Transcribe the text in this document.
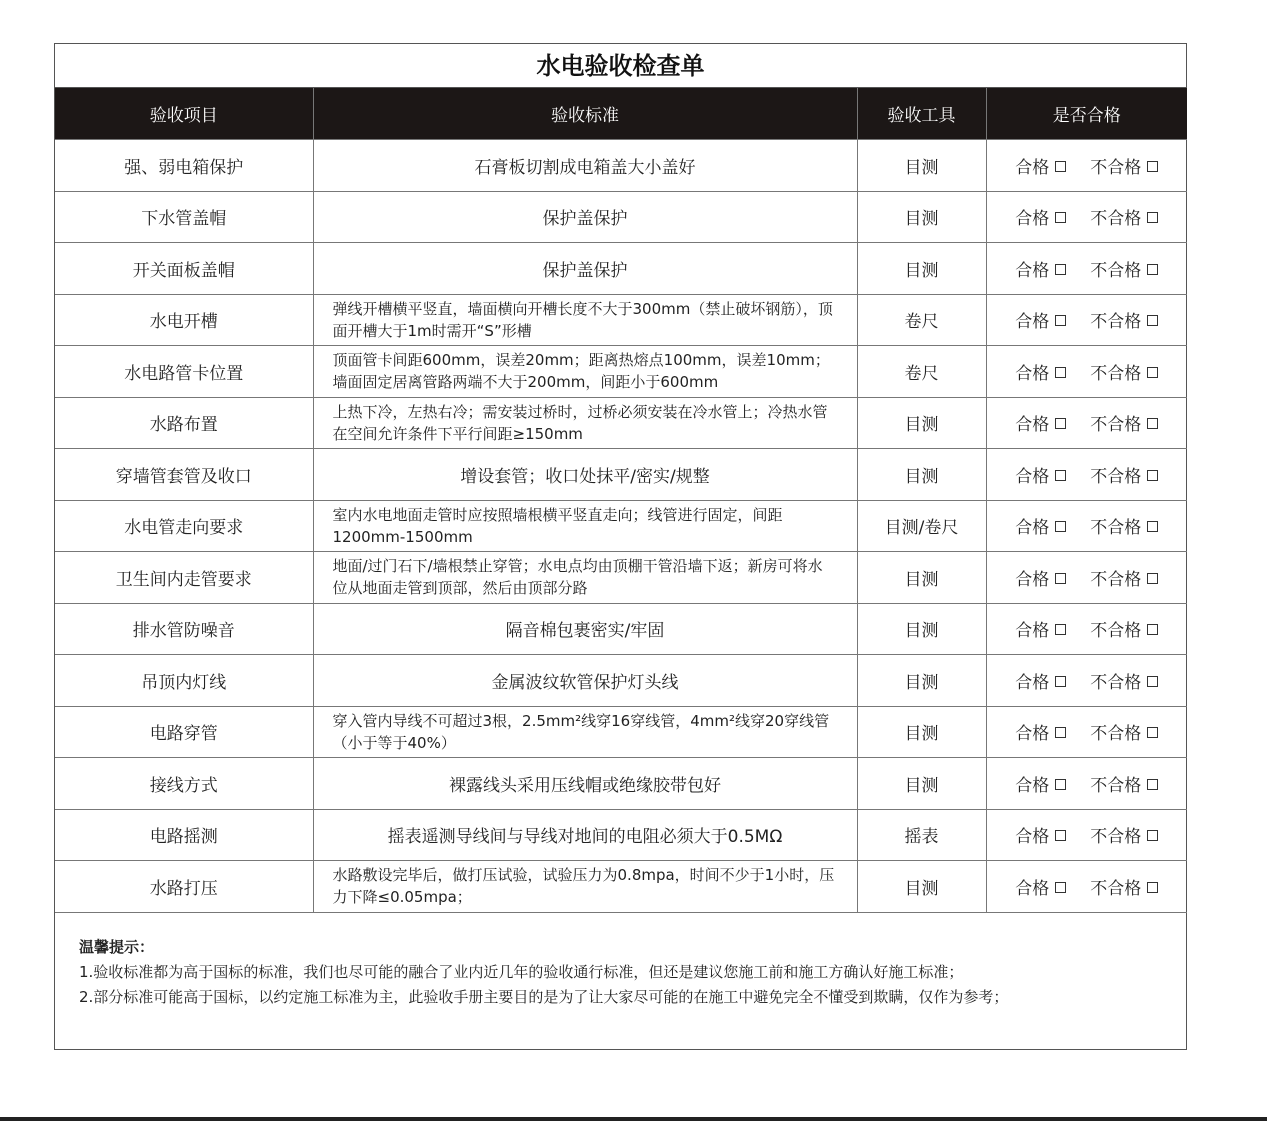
水电验收检查单
验收项目	验收标准	验收工具	是否合格
强、弱电箱保护	石膏板切割成电箱盖大小盖好	目测	合格 不合格
下水管盖帽	保护盖保护	目测	合格 不合格
开关面板盖帽	保护盖保护	目测	合格 不合格
水电开槽	弹线开槽横平竖直，墙面横向开槽长度不大于300mm（禁止破坏钢筋），顶面开槽大于1m时需开“S”形槽	卷尺	合格 不合格
水电路管卡位置	顶面管卡间距600mm，误差20mm；距离热熔点100mm，误差10mm；墙面固定居离管路两端不大于200mm，间距小于600mm	卷尺	合格 不合格
水路布置	上热下冷，左热右冷；需安装过桥时，过桥必须安装在冷水管上；冷热水管在空间允许条件下平行间距≥150mm	目测	合格 不合格
穿墙管套管及收口	增设套管；收口处抹平/密实/规整	目测	合格 不合格
水电管走向要求	室内水电地面走管时应按照墙根横平竖直走向；线管进行固定，间距1200mm-1500mm	目测/卷尺	合格 不合格
卫生间内走管要求	地面/过门石下/墙根禁止穿管；水电点均由顶棚干管沿墙下返；新房可将水位从地面走管到顶部，然后由顶部分路	目测	合格 不合格
排水管防噪音	隔音棉包裹密实/牢固	目测	合格 不合格
吊顶内灯线	金属波纹软管保护灯头线	目测	合格 不合格
电路穿管	穿入管内导线不可超过3根，2.5mm²线穿16穿线管，4mm²线穿20穿线管（小于等于40%）	目测	合格 不合格
接线方式	裸露线头采用压线帽或绝缘胶带包好	目测	合格 不合格
电路摇测	摇表遥测导线间与导线对地间的电阻必须大于0.5MΩ	摇表	合格 不合格
水路打压	水路敷设完毕后，做打压试验，试验压力为0.8mpa，时间不少于1小时，压力下降≤0.05mpa；	目测	合格 不合格
温馨提示：
1.验收标准都为高于国标的标准，我们也尽可能的融合了业内近几年的验收通行标准，但还是建议您施工前和施工方确认好施工标准；
2.部分标准可能高于国标，以约定施工标准为主，此验收手册主要目的是为了让大家尽可能的在施工中避免完全不懂受到欺瞒，仅作为参考；
